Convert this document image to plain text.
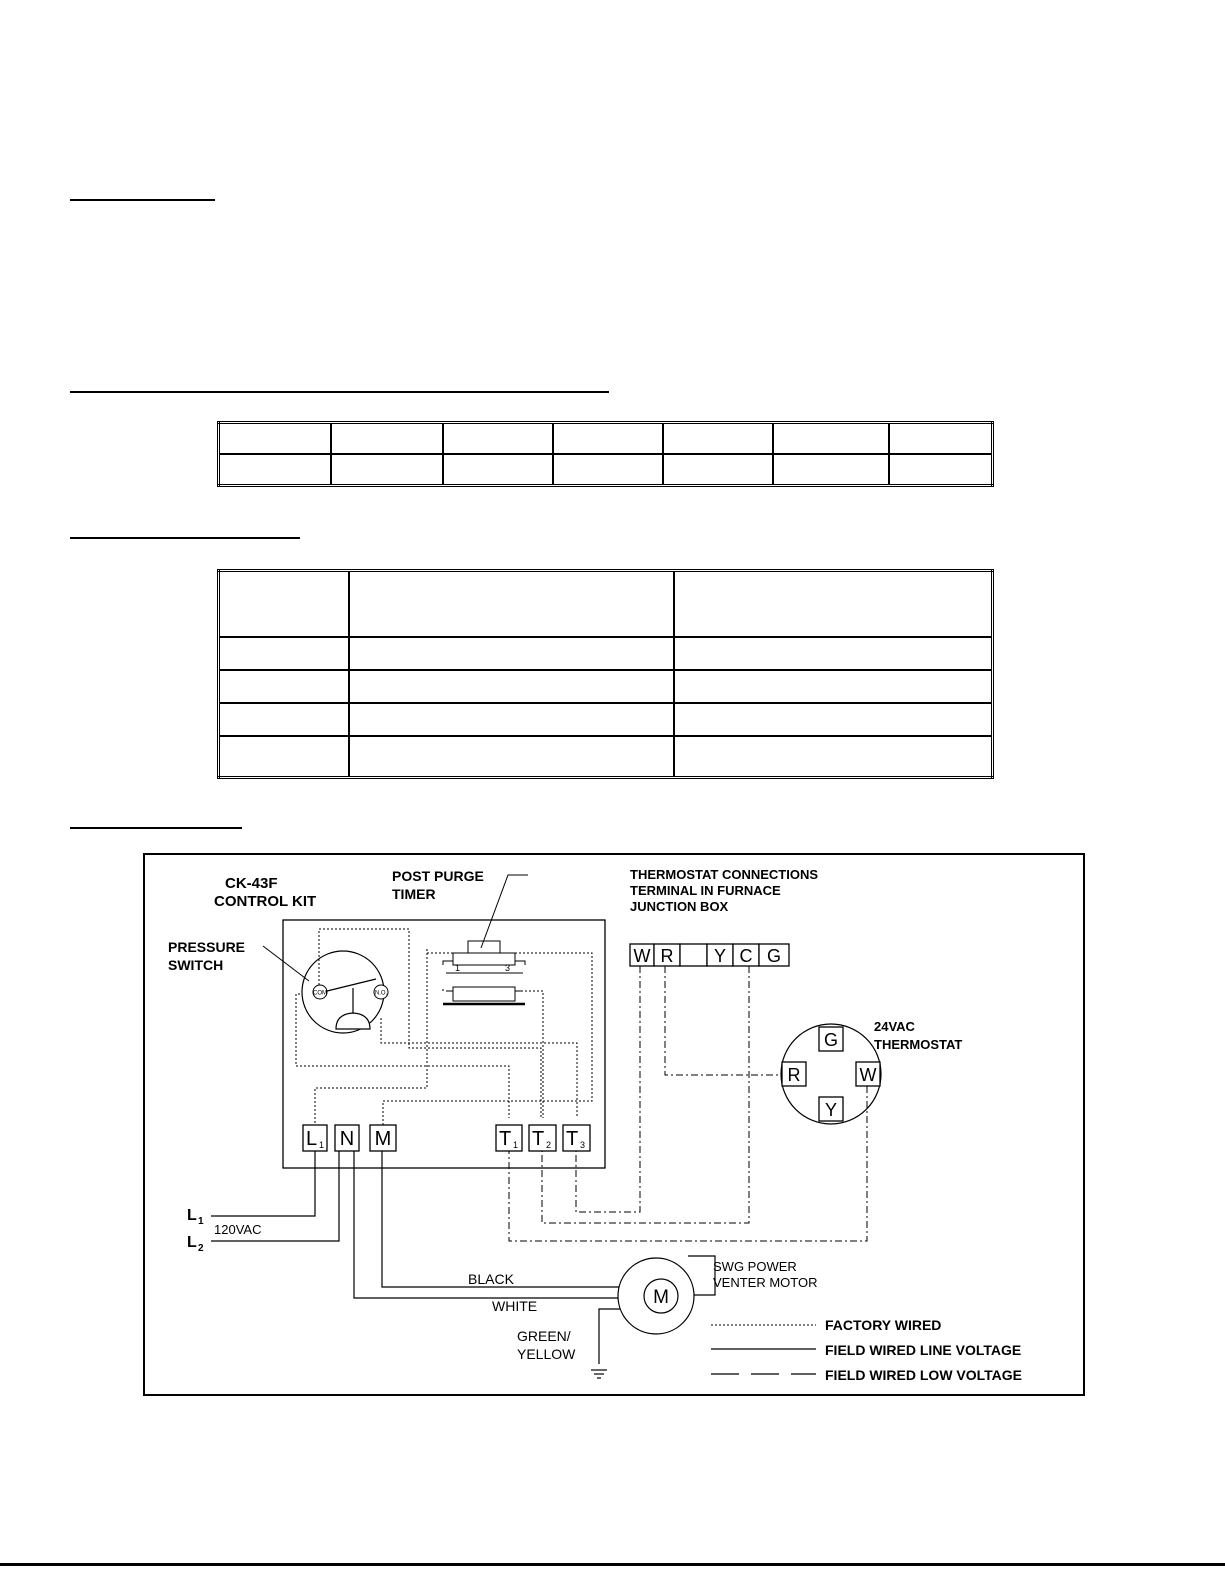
CK-43F
CONTROL KIT
POST PURGE
TIMER
PRESSURE
SWITCH
THERMOSTAT CONNECTIONS
TERMINAL IN FURNACE
JUNCTION BOX
24VAC
THERMOSTAT
COM	N.O.
1	3
L 1 N M	T 1 T 2 T 3
L 1
L 2
120VAC
BLACK
WHITE
GREEN/
YELLOW
M
SWG POWER
VENTER MOTOR
W R Y C G
G
R	W
Y
FACTORY WIRED
FIELD WIRED LINE VOLTAGE
FIELD WIRED LOW VOLTAGE
